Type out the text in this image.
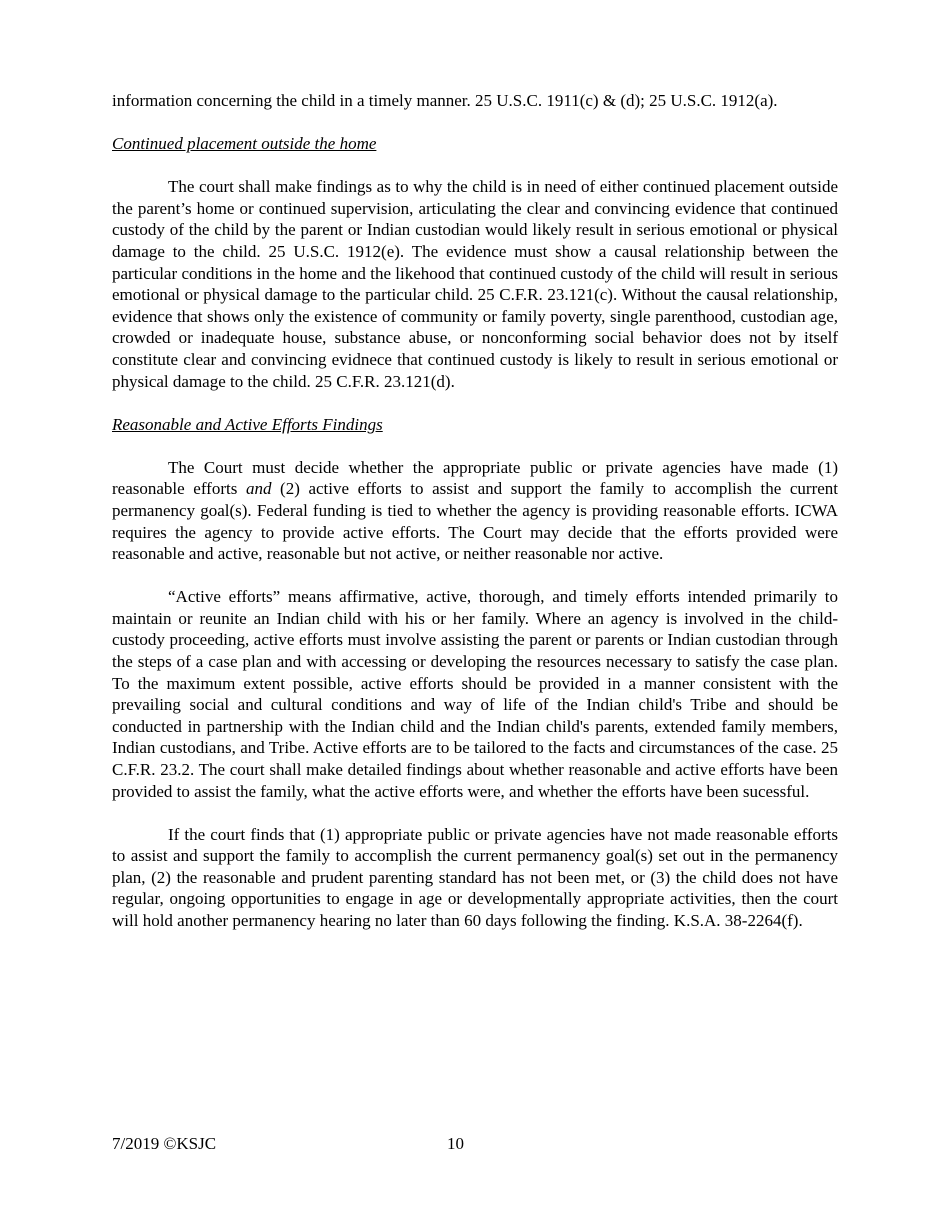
information concerning the child in a timely manner. 25 U.S.C. 1911(c) & (d); 25 U.S.C. 1912(a).

Continued placement outside the home

The court shall make findings as to why the child is in need of either continued placement outside the parent’s home or continued supervision, articulating the clear and convincing evidence that continued custody of the child by the parent or Indian custodian would likely result in serious emotional or physical damage to the child. 25 U.S.C. 1912(e). The evidence must show a causal relationship between the particular conditions in the home and the likehood that continued custody of the child will result in serious emotional or physical damage to the particular child. 25 C.F.R. 23.121(c). Without the causal relationship, evidence that shows only the existence of community or family poverty, single parenthood, custodian age, crowded or inadequate house, substance abuse, or nonconforming social behavior does not by itself constitute clear and convincing evidnece that continued custody is likely to result in serious emotional or physical damage to the child. 25 C.F.R. 23.121(d).

Reasonable and Active Efforts Findings

The Court must decide whether the appropriate public or private agencies have made (1) reasonable efforts and (2) active efforts to assist and support the family to accomplish the current permanency goal(s). Federal funding is tied to whether the agency is providing reasonable efforts. ICWA requires the agency to provide active efforts. The Court may decide that the efforts provided were reasonable and active, reasonable but not active, or neither reasonable nor active.

“Active efforts” means affirmative, active, thorough, and timely efforts intended primarily to maintain or reunite an Indian child with his or her family. Where an agency is involved in the child-custody proceeding, active efforts must involve assisting the parent or parents or Indian custodian through the steps of a case plan and with accessing or developing the resources necessary to satisfy the case plan. To the maximum extent possible, active efforts should be provided in a manner consistent with the prevailing social and cultural conditions and way of life of the Indian child's Tribe and should be conducted in partnership with the Indian child and the Indian child's parents, extended family members, Indian custodians, and Tribe. Active efforts are to be tailored to the facts and circumstances of the case. 25 C.F.R. 23.2. The court shall make detailed findings about whether reasonable and active efforts have been provided to assist the family, what the active efforts were, and whether the efforts have been sucessful.

If the court finds that (1) appropriate public or private agencies have not made reasonable efforts to assist and support the family to accomplish the current permanency goal(s) set out in the permanency plan, (2) the reasonable and prudent parenting standard has not been met, or (3) the child does not have regular, ongoing opportunities to engage in age or developmentally appropriate activities, then the court will hold another permanency hearing no later than 60 days following the finding. K.S.A. 38-2264(f).

7/2019 ©KSJC	10
